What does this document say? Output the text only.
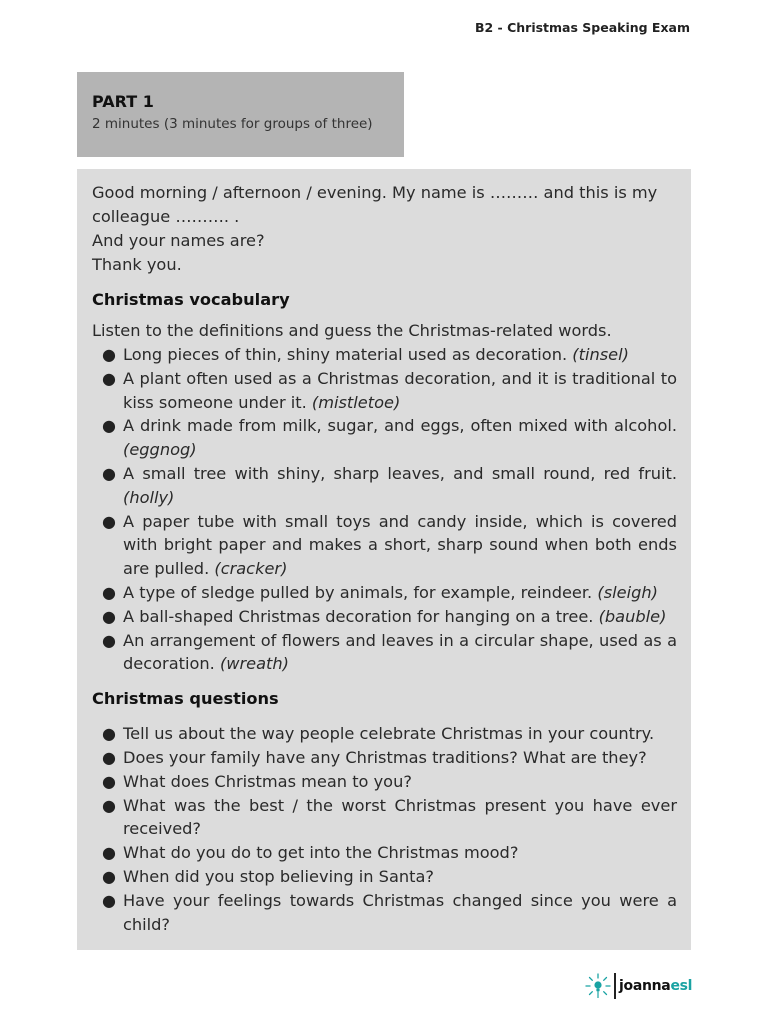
B2 - Christmas Speaking Exam
PART 1
2 minutes (3 minutes for groups of three)
Good morning / afternoon / evening. My name is ……… and this is my colleague ………. .
And your names are?
Thank you.
Christmas vocabulary
Listen to the definitions and guess the Christmas-related words.
● Long pieces of thin, shiny material used as decoration. (tinsel)
● A plant often used as a Christmas decoration, and it is traditional to kiss someone under it. (mistletoe)
● A drink made from milk, sugar, and eggs, often mixed with alcohol. (eggnog)
● A small tree with shiny, sharp leaves, and small round, red fruit. (holly)
● A paper tube with small toys and candy inside, which is covered with bright paper and makes a short, sharp sound when both ends are pulled. (cracker)
● A type of sledge pulled by animals, for example, reindeer. (sleigh)
● A ball-shaped Christmas decoration for hanging on a tree. (bauble)
● An arrangement of flowers and leaves in a circular shape, used as a decoration. (wreath)
Christmas questions
● Tell us about the way people celebrate Christmas in your country.
● Does your family have any Christmas traditions? What are they?
● What does Christmas mean to you?
● What was the best / the worst Christmas present you have ever received?
● What do you do to get into the Christmas mood?
● When did you stop believing in Santa?
● Have your feelings towards Christmas changed since you were a child?
joannaesl
